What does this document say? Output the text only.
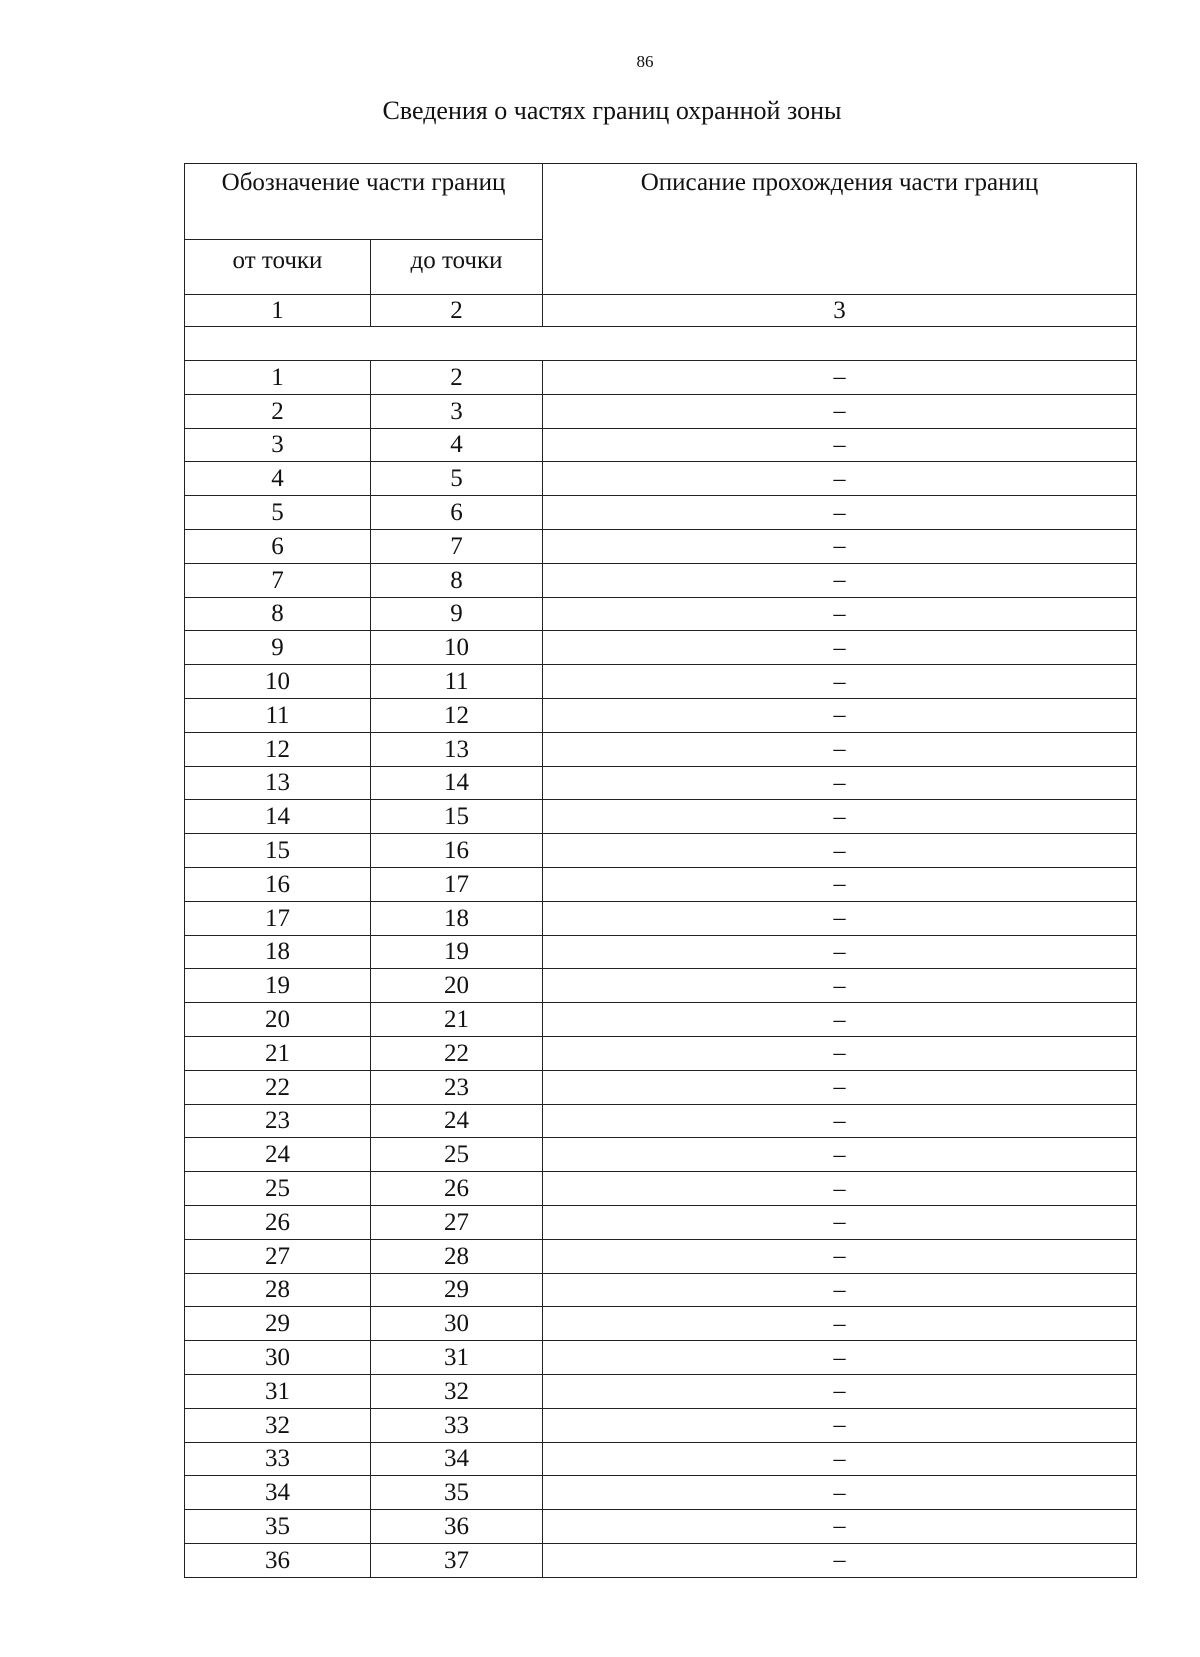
86
Сведения о частях границ охранной зоны
Обозначение части границ		Описание прохождения части границ
от точки	до точки	
1	2	3

1	2	–
2	3	–
3	4	–
4	5	–
5	6	–
6	7	–
7	8	–
8	9	–
9	10	–
10	11	–
11	12	–
12	13	–
13	14	–
14	15	–
15	16	–
16	17	–
17	18	–
18	19	–
19	20	–
20	21	–
21	22	–
22	23	–
23	24	–
24	25	–
25	26	–
26	27	–
27	28	–
28	29	–
29	30	–
30	31	–
31	32	–
32	33	–
33	34	–
34	35	–
35	36	–
36	37	–
